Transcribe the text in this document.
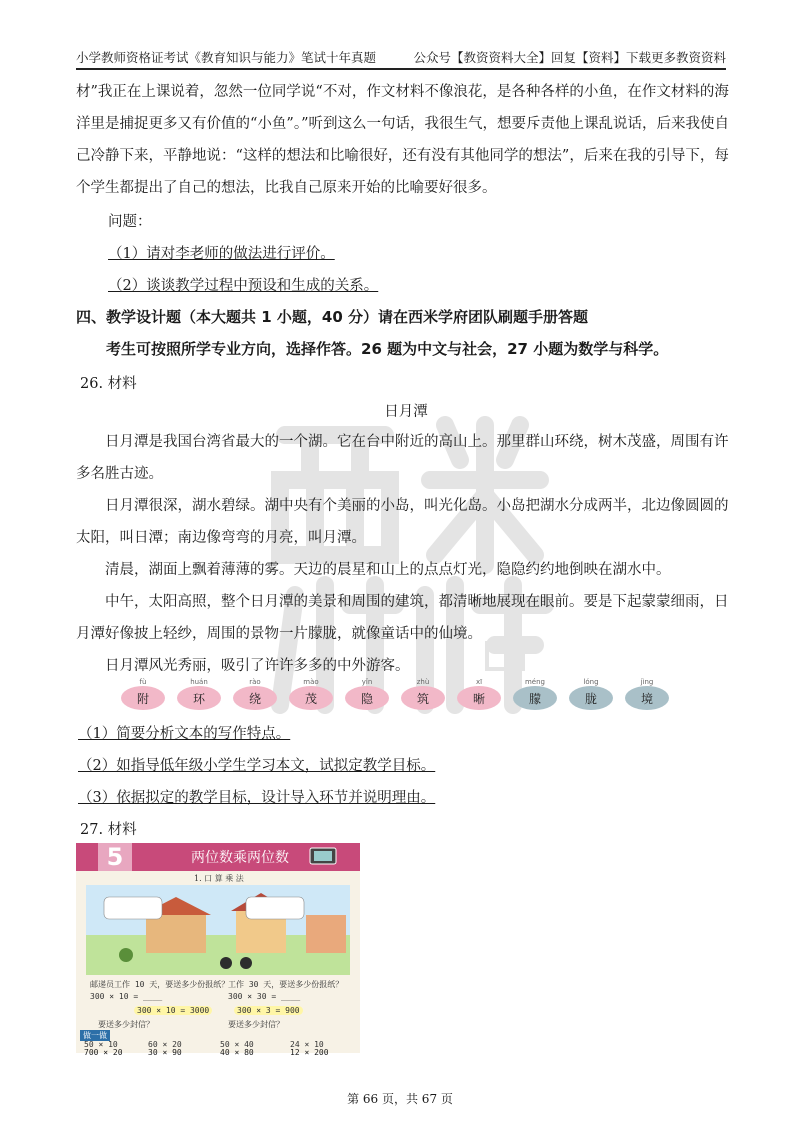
小学教师资格证考试《教育知识与能力》笔试十年真题	公众号【教资资料大全】回复【资料】下载更多教资资料
材”我正在上课说着，忽然一位同学说“不对，作文材料不像浪花，是各种各样的小鱼，在作文材料的海洋里是捕捉更多又有价值的“小鱼”。”听到这么一句话，我很生气，想要斥责他上课乱说话，后来我使自己冷静下来，平静地说：“这样的想法和比喻很好，还有没有其他同学的想法”，后来在我的引导下，每个学生都提出了自己的想法，比我自己原来开始的比喻要好很多。
问题：
（1）请对李老师的做法进行评价。
（2）谈谈教学过程中预设和生成的关系。
四、教学设计题（本大题共 1 小题，40 分）请在西米学府团队刷题手册答题
考生可按照所学专业方向，选择作答。26 题为中文与社会，27 小题为数学与科学。
26. 材料
日月潭
日月潭是我国台湾省最大的一个湖。它在台中附近的高山上。那里群山环绕，树木茂盛，周围有许多名胜古迹。
日月潭很深，湖水碧绿。湖中央有个美丽的小岛，叫光化岛。小岛把湖水分成两半，北边像圆圆的太阳，叫日潭；南边像弯弯的月亮，叫月潭。
清晨，湖面上飘着薄薄的雾。天边的晨星和山上的点点灯光，隐隐约约地倒映在湖水中。
中午，太阳高照，整个日月潭的美景和周围的建筑，都清晰地展现在眼前。要是下起蒙蒙细雨，日月潭好像披上轻纱，周围的景物一片朦胧，就像童话中的仙境。
日月潭风光秀丽，吸引了许许多多的中外游客。
fù
附
huán
环
rào
绕
mào
茂
yǐn
隐
zhù
筑
xī
晰
méng
朦
lóng
胧
jìng
境
（1）简要分析文本的写作特点。
（2）如指导低年级小学生学习本文，试拟定教学目标。
（3）依据拟定的教学目标，设计导入环节并说明理由。
27. 材料
5	两位数乘两位数
1. 口 算 乘 法
邮递员工作 10 天，要送多少份报纸？
300 × 10 = ____
工作 30 天，要送多少份报纸？
300 × 30 = ____
300 × 10 = 3000	300 × 3 = 900
要送多少封信？	要送多少封信？
做一做
50 × 10	60 × 20	50 × 40	24 × 10
700 × 20	30 × 90	40 × 80	12 × 200
第 66 页，共 67 页
